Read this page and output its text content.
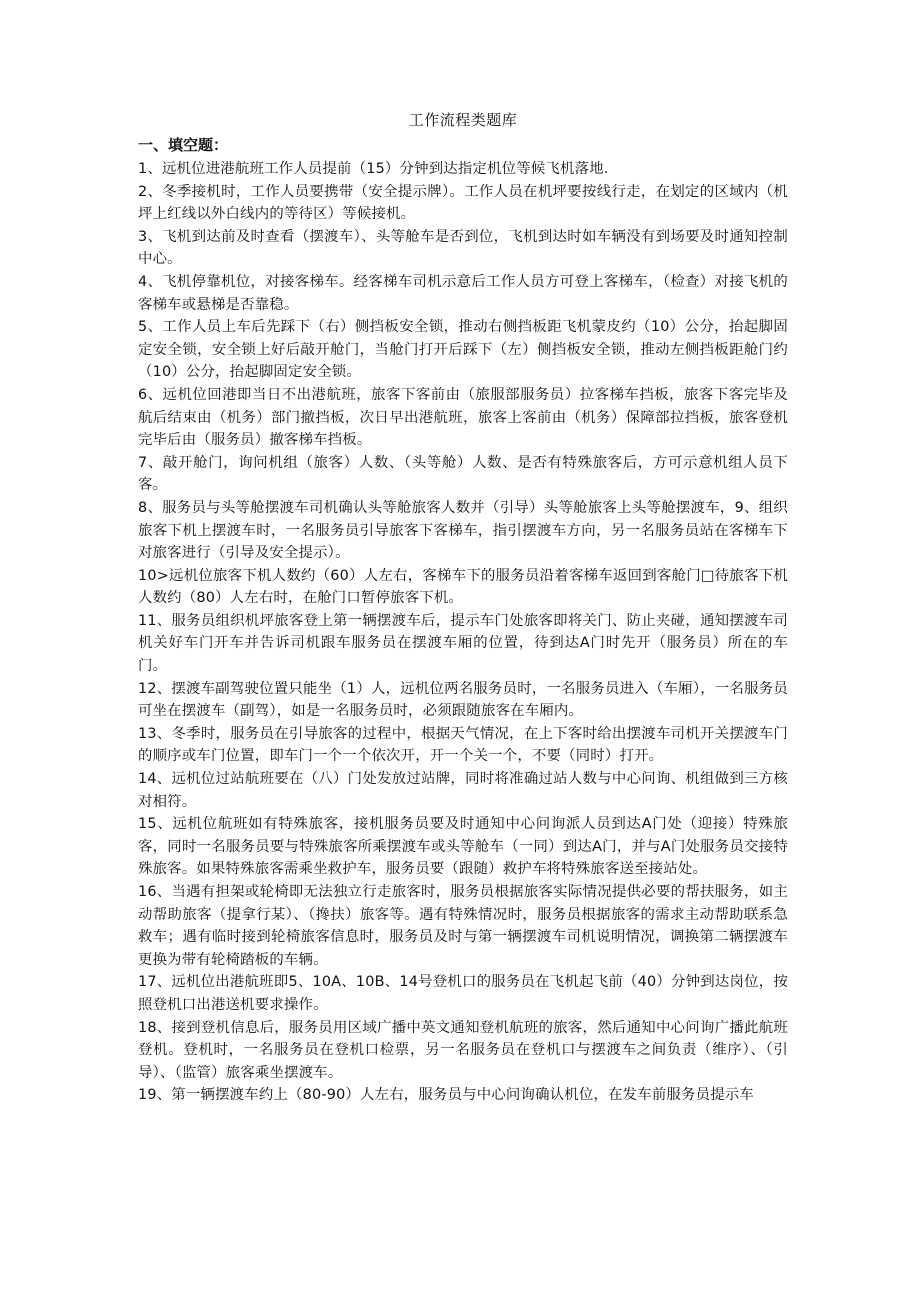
工作流程类题库
一、填空题：

1、远机位进港航班工作人员提前（15）分钟到达指定机位等候飞机落地.

2、冬季接机时，工作人员要携带（安全提示牌）。工作人员在机坪要按线行走，在划定的区域内（机坪上红线以外白线内的等待区）等候接机。

3、飞机到达前及时查看（摆渡车）、头等舱车是否到位，飞机到达时如车辆没有到场要及时通知控制中心。

4、飞机停靠机位，对接客梯车。经客梯车司机示意后工作人员方可登上客梯车，（检查）对接飞机的客梯车或悬梯是否靠稳。

5、工作人员上车后先踩下（右）侧挡板安全锁，推动右侧挡板距飞机蒙皮约（10）公分，抬起脚固定安全锁，安全锁上好后敲开舱门，当舱门打开后踩下（左）侧挡板安全锁，推动左侧挡板距舱门约（10）公分，抬起脚固定安全锁。

6、远机位回港即当日不出港航班，旅客下客前由（旅服部服务员）拉客梯车挡板，旅客下客完毕及航后结束由（机务）部门撤挡板，次日早出港航班，旅客上客前由（机务）保障部拉挡板，旅客登机完毕后由（服务员）撤客梯车挡板。

7、敲开舱门，询问机组（旅客）人数、（头等舱）人数、是否有特殊旅客后，方可示意机组人员下客。

8、服务员与头等舱摆渡车司机确认头等舱旅客人数并（引导）头等舱旅客上头等舱摆渡车，9、组织旅客下机上摆渡车时，一名服务员引导旅客下客梯车，指引摆渡车方向，另一名服务员站在客梯车下对旅客进行（引导及安全提示）。

10>远机位旅客下机人数约（60）人左右，客梯车下的服务员沿着客梯车返回到客舱门□待旅客下机人数约（80）人左右时，在舱门口暂停旅客下机。

11、服务员组织机坪旅客登上第一辆摆渡车后，提示车门处旅客即将关门、防止夹碰，通知摆渡车司机关好车门开车并告诉司机跟车服务员在摆渡车厢的位置，待到达A门时先开（服务员）所在的车门。

12、摆渡车副驾驶位置只能坐（1）人，远机位两名服务员时，一名服务员进入（车厢），一名服务员可坐在摆渡车（副驾），如是一名服务员时，必须跟随旅客在车厢内。

13、冬季时，服务员在引导旅客的过程中，根据天气情况，在上下客时给出摆渡车司机开关摆渡车门的顺序或车门位置，即车门一个一个依次开，开一个关一个，不要（同时）打开。

14、远机位过站航班要在（八）门处发放过站牌，同时将准确过站人数与中心问询、机组做到三方核对相符。

15、远机位航班如有特殊旅客，接机服务员要及时通知中心问询派人员到达A门处（迎接）特殊旅客，同时一名服务员要与特殊旅客所乘摆渡车或头等舱车（一同）到达A门，并与A门处服务员交接特殊旅客。如果特殊旅客需乘坐救护车，服务员要（跟随）救护车将特殊旅客送至接站处。

16、当遇有担架或轮椅即无法独立行走旅客时，服务员根据旅客实际情况提供必要的帮扶服务，如主动帮助旅客（提拿行某）、（搀扶）旅客等。遇有特殊情况时，服务员根据旅客的需求主动帮助联系急救车；遇有临时接到轮椅旅客信息时，服务员及时与第一辆摆渡车司机说明情况，调换第二辆摆渡车更换为带有轮椅踏板的车辆。

17、远机位出港航班即5、10A、10B、14号登机口的服务员在飞机起飞前（40）分钟到达岗位，按照登机口出港送机要求操作。

18、接到登机信息后，服务员用区域广播中英文通知登机航班的旅客，然后通知中心问询广播此航班登机。登机时，一名服务员在登机口检票，另一名服务员在登机口与摆渡车之间负责（维序）、（引导）、（监管）旅客乘坐摆渡车。

19、第一辆摆渡车约上（80-90）人左右，服务员与中心问询确认机位，在发车前服务员提示车
